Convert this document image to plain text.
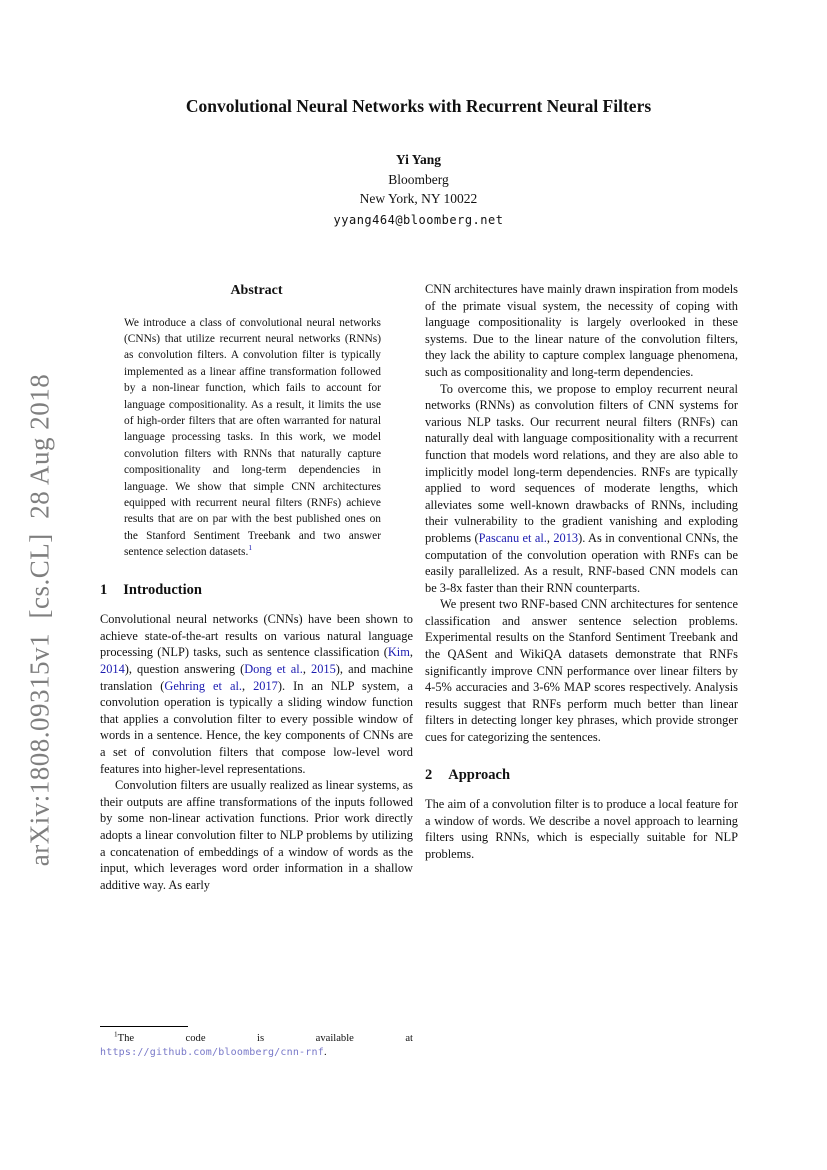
arXiv:1808.09315v1  [cs.CL]  28 Aug 2018
Convolutional Neural Networks with Recurrent Neural Filters
Yi Yang
Bloomberg
New York, NY 10022
yyang464@bloomberg.net
Abstract
We introduce a class of convolutional neural networks (CNNs) that utilize recurrent neural networks (RNNs) as convolution filters. A convolution filter is typically implemented as a linear affine transformation followed by a non-linear function, which fails to account for language compositionality. As a result, it limits the use of high-order filters that are often warranted for natural language processing tasks. In this work, we model convolution filters with RNNs that naturally capture compositionality and long-term dependencies in language. We show that simple CNN architectures equipped with recurrent neural filters (RNFs) achieve results that are on par with the best published ones on the Stanford Sentiment Treebank and two answer sentence selection datasets.$^1$
1 Introduction

Convolutional neural networks (CNNs) have been shown to achieve state-of-the-art results on various natural language processing (NLP) tasks, such as sentence classification (Kim, 2014), question answering (Dong et al., 2015), and machine translation (Gehring et al., 2017). In an NLP system, a convolution operation is typically a sliding window function that applies a convolution filter to every possible window of words in a sentence. Hence, the key components of CNNs are a set of convolution filters that compose low-level word features into higher-level representations.

Convolution filters are usually realized as linear systems, as their outputs are affine transformations of the inputs followed by some non-linear activation functions. Prior work directly adopts a linear convolution filter to NLP problems by utilizing a concatenation of embeddings of a window of words as the input, which leverages word order information in a shallow additive way. As early

CNN architectures have mainly drawn inspiration from models of the primate visual system, the necessity of coping with language compositionality is largely overlooked in these systems. Due to the linear nature of the convolution filters, they lack the ability to capture complex language phenomena, such as compositionality and long-term dependencies.

To overcome this, we propose to employ recurrent neural networks (RNNs) as convolution filters of CNN systems for various NLP tasks. Our recurrent neural filters (RNFs) can naturally deal with language compositionality with a recurrent function that models word relations, and they are also able to implicitly model long-term dependencies. RNFs are typically applied to word sequences of moderate lengths, which alleviates some well-known drawbacks of RNNs, including their vulnerability to the gradient vanishing and exploding problems (Pascanu et al., 2013). As in conventional CNNs, the computation of the convolution operation with RNFs can be easily parallelized. As a result, RNF-based CNN models can be 3-8x faster than their RNN counterparts.

We present two RNF-based CNN architectures for sentence classification and answer sentence selection problems. Experimental results on the Stanford Sentiment Treebank and the QASent and WikiQA datasets demonstrate that RNFs significantly improve CNN performance over linear filters by 4-5% accuracies and 3-6% MAP scores respectively. Analysis results suggest that RNFs perform much better than linear filters in detecting longer key phrases, which provide stronger cues for categorizing the sentences.

2 Approach

The aim of a convolution filter is to produce a local feature for a window of words. We describe a novel approach to learning filters using RNNs, which is especially suitable for NLP problems.

$^1$The code is available at https://github.com/bloomberg/cnn-rnf.
